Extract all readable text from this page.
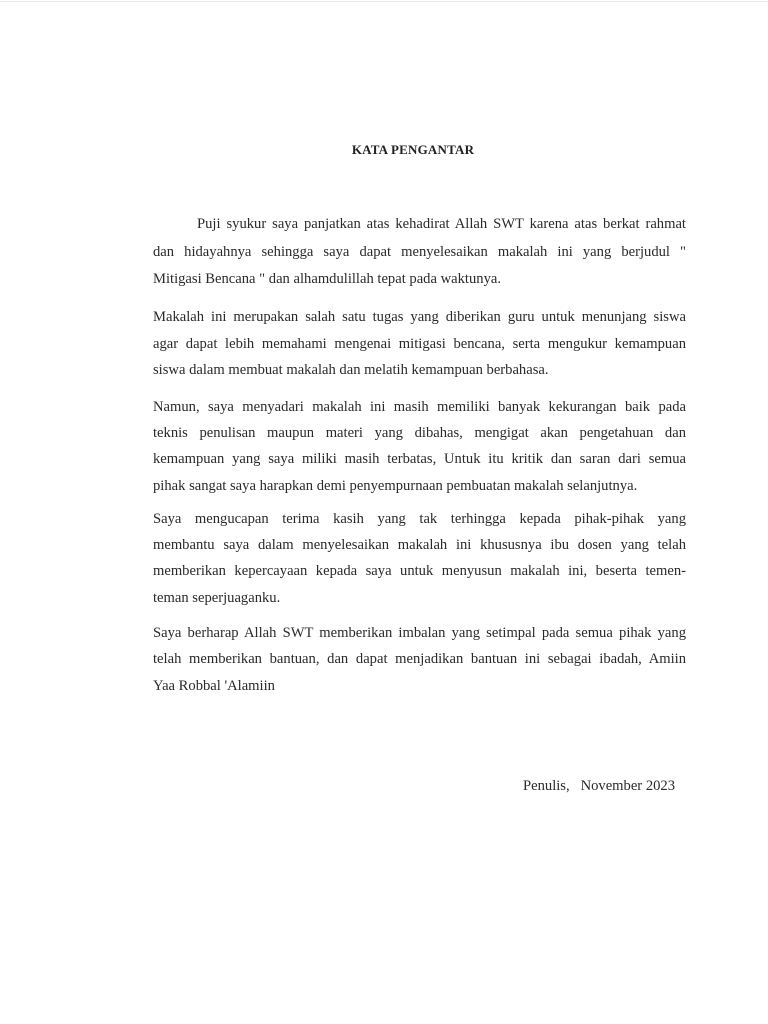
KATA PENGANTAR
Puji syukur saya panjatkan atas kehadirat Allah SWT karena atas berkat rahmat
dan hidayahnya sehingga saya dapat menyelesaikan makalah ini yang berjudul "
Mitigasi Bencana " dan alhamdulillah tepat pada waktunya.
Makalah ini merupakan salah satu tugas yang diberikan guru untuk menunjang siswa
agar dapat lebih memahami mengenai mitigasi bencana, serta mengukur kemampuan
siswa dalam membuat makalah dan melatih kemampuan berbahasa.
Namun, saya menyadari makalah ini masih memiliki banyak kekurangan baik pada
teknis penulisan maupun materi yang dibahas, mengigat akan pengetahuan dan
kemampuan yang saya miliki masih terbatas, Untuk itu kritik dan saran dari semua
pihak sangat saya harapkan demi penyempurnaan pembuatan makalah selanjutnya.
Saya mengucapan terima kasih yang tak terhingga kepada pihak-pihak yang
membantu saya dalam menyelesaikan makalah ini khususnya ibu dosen yang telah
memberikan kepercayaan kepada saya untuk menyusun makalah ini, beserta temen-
teman seperjuaganku.
Saya berharap Allah SWT memberikan imbalan yang setimpal pada semua pihak yang
telah memberikan bantuan, dan dapat menjadikan bantuan ini sebagai ibadah, Amiin
Yaa Robbal 'Alamiin
Penulis,   November 2023
